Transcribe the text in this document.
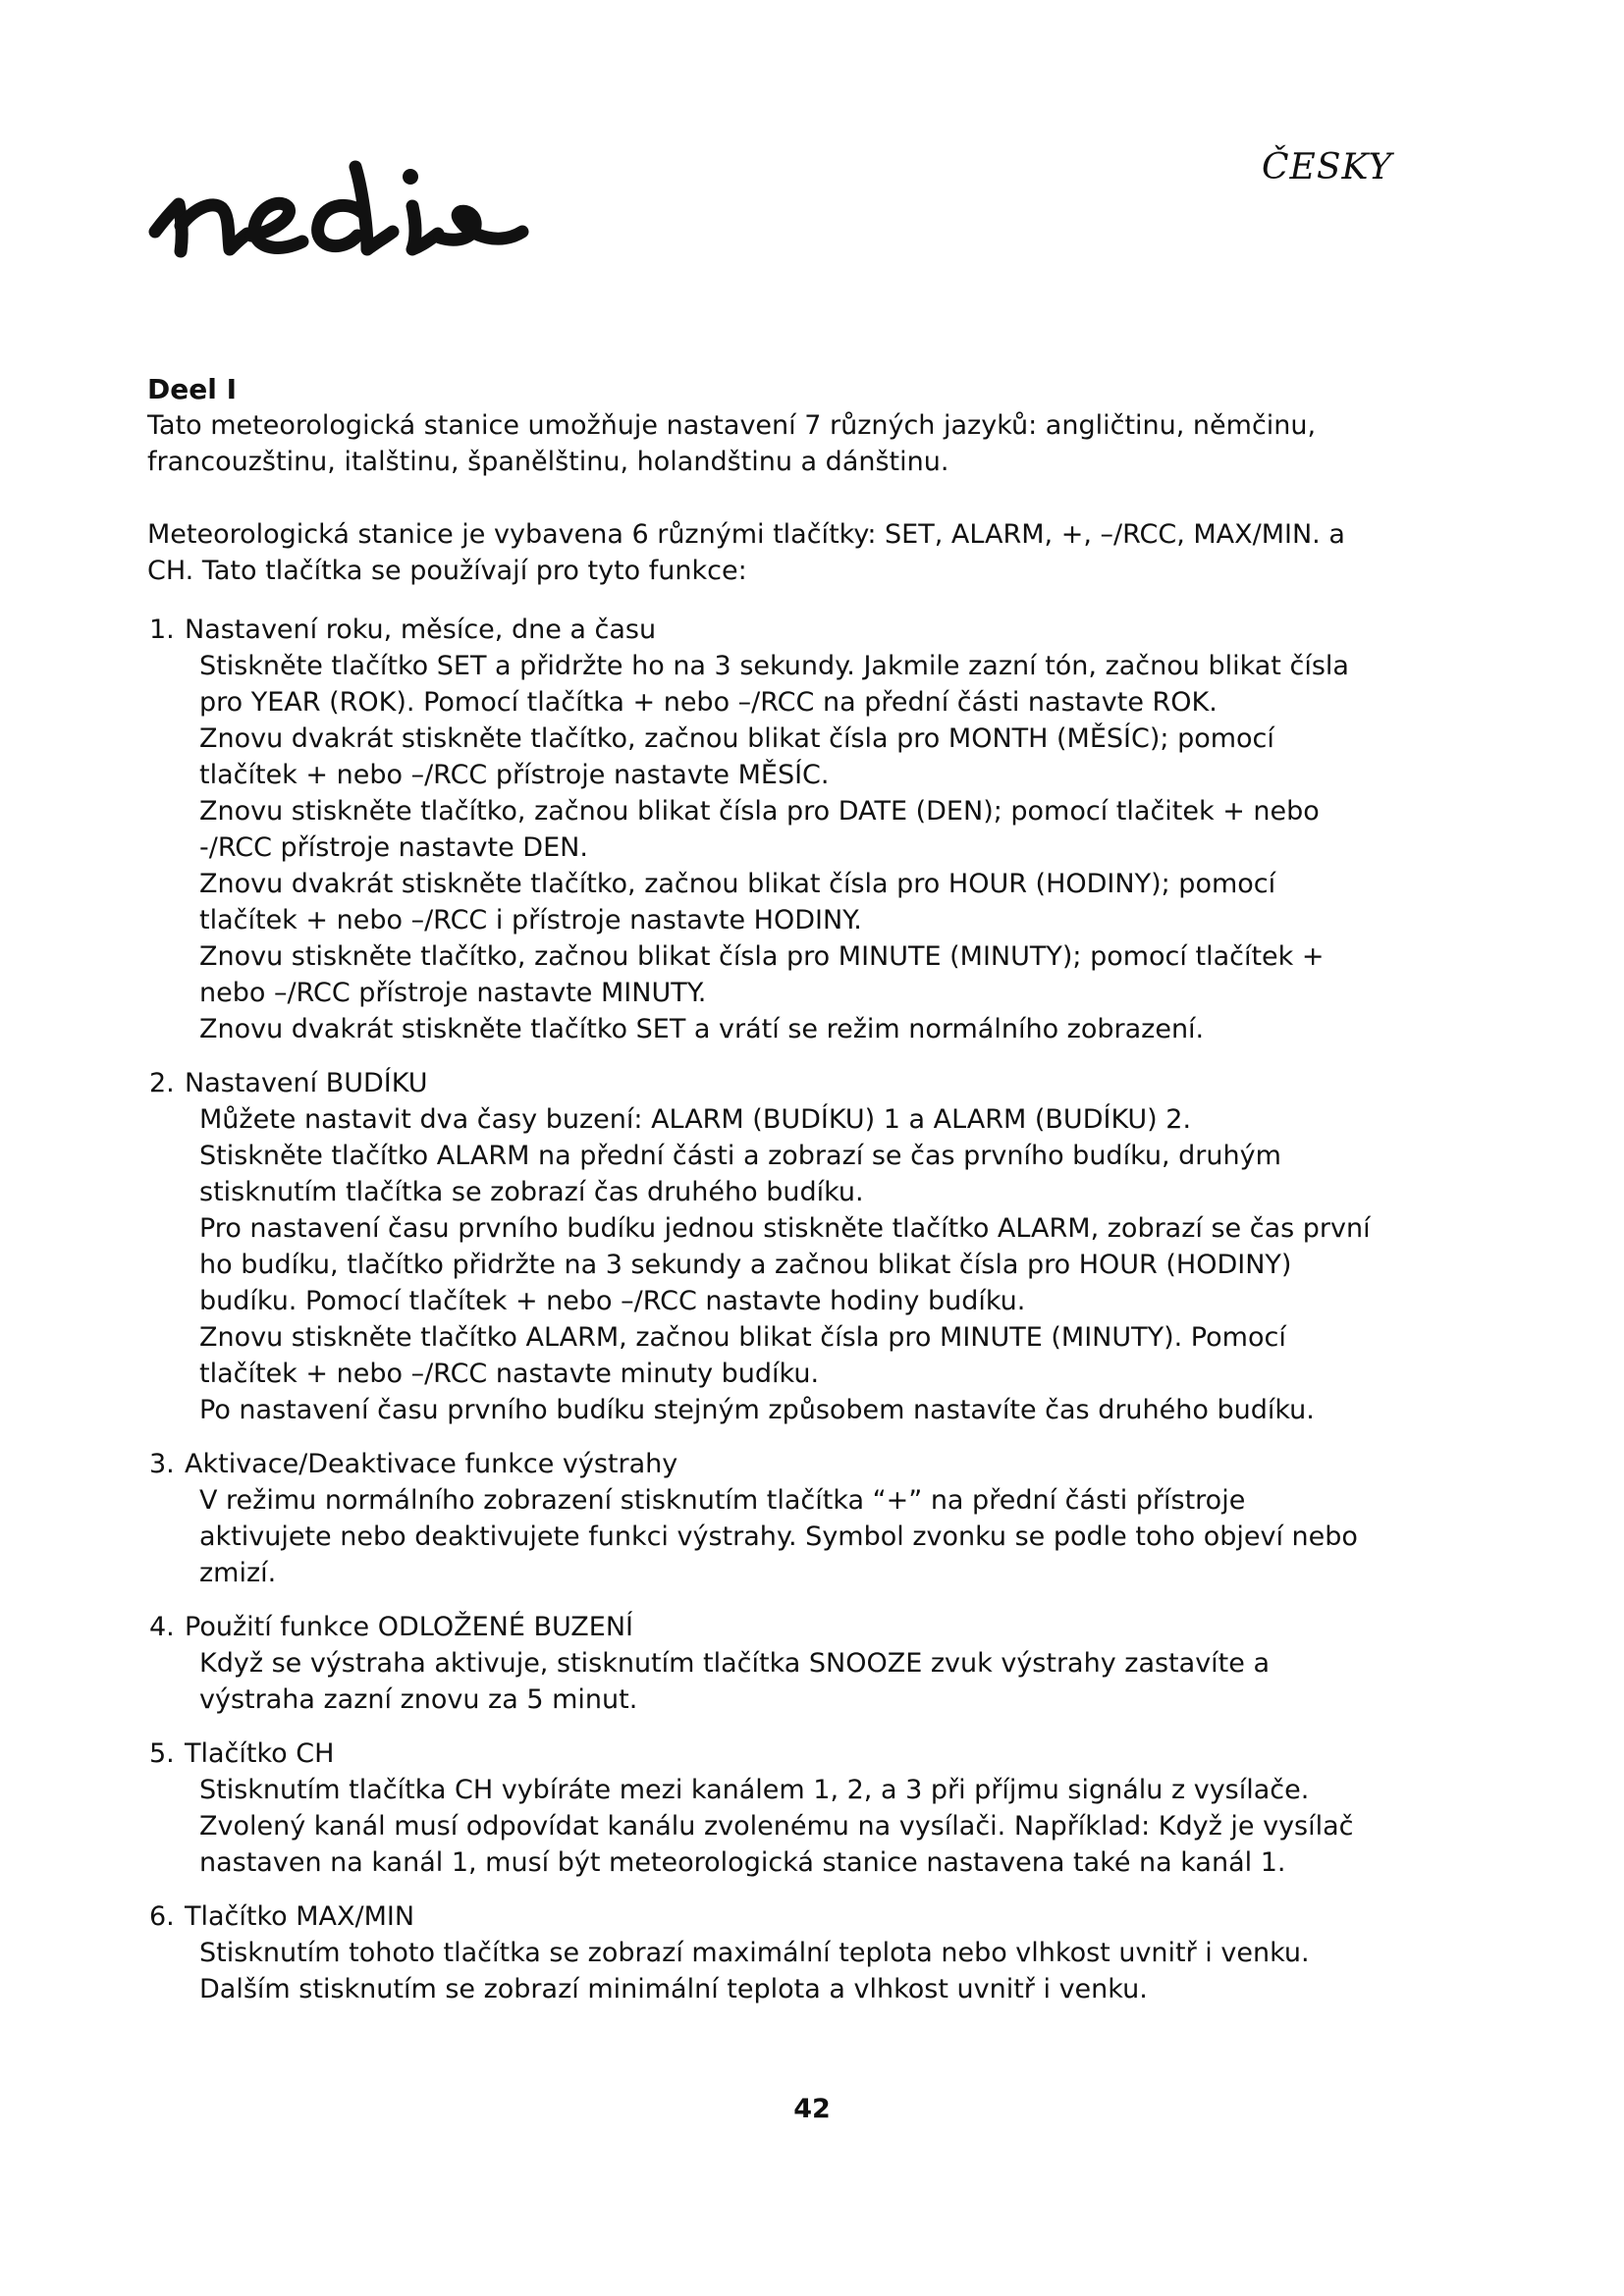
ČESKY
Deel I

Tato meteorologická stanice umožňuje nastavení 7 různých jazyků: angličtinu, němčinu, francouzštinu, italštinu, španělštinu, holandštinu a dánštinu.

Meteorologická stanice je vybavena 6 různými tlačítky: SET, ALARM, +, –/RCC, MAX/MIN. a CH. Tato tlačítka se používají pro tyto funkce:

1. Nastavení roku, měsíce, dne a času

Stiskněte tlačítko SET a přidržte ho na 3 sekundy. Jakmile zazní tón, začnou blikat čísla pro YEAR (ROK). Pomocí tlačítka + nebo –/RCC na přední části nastavte ROK.

Znovu dvakrát stiskněte tlačítko, začnou blikat čísla pro MONTH (MĚSÍC); pomocí tlačítek + nebo –/RCC přístroje nastavte MĚSÍC.

Znovu stiskněte tlačítko, začnou blikat čísla pro DATE (DEN); pomocí tlačitek + nebo -/RCC přístroje nastavte DEN.

Znovu dvakrát stiskněte tlačítko, začnou blikat čísla pro HOUR (HODINY); pomocí tlačítek + nebo –/RCC i přístroje nastavte HODINY.

Znovu stiskněte tlačítko, začnou blikat čísla pro MINUTE (MINUTY); pomocí tlačítek + nebo –/RCC přístroje nastavte MINUTY.

Znovu dvakrát stiskněte tlačítko SET a vrátí se režim normálního zobrazení.

2. Nastavení BUDÍKU

Můžete nastavit dva časy buzení: ALARM (BUDÍKU) 1 a ALARM (BUDÍKU) 2.

Stiskněte tlačítko ALARM na přední části a zobrazí se čas prvního budíku, druhým stisknutím tlačítka se zobrazí čas druhého budíku.

Pro nastavení času prvního budíku jednou stiskněte tlačítko ALARM, zobrazí se čas první ho budíku, tlačítko přidržte na 3 sekundy a začnou blikat čísla pro HOUR (HODINY) budíku. Pomocí tlačítek + nebo –/RCC nastavte hodiny budíku.

Znovu stiskněte tlačítko ALARM, začnou blikat čísla pro MINUTE (MINUTY). Pomocí tlačítek + nebo –/RCC nastavte minuty budíku.

Po nastavení času prvního budíku stejným způsobem nastavíte čas druhého budíku.

3. Aktivace/Deaktivace funkce výstrahy

V režimu normálního zobrazení stisknutím tlačítka “+” na přední části přístroje aktivujete nebo deaktivujete funkci výstrahy. Symbol zvonku se podle toho objeví nebo zmizí.

4. Použití funkce ODLOŽENÉ BUZENÍ

Když se výstraha aktivuje, stisknutím tlačítka SNOOZE zvuk výstrahy zastavíte a výstraha zazní znovu za 5 minut.

5. Tlačítko CH

Stisknutím tlačítka CH vybíráte mezi kanálem 1, 2, a 3 při příjmu signálu z vysílače.

Zvolený kanál musí odpovídat kanálu zvolenému na vysílači. Například: Když je vysílač nastaven na kanál 1, musí být meteorologická stanice nastavena také na kanál 1.

6. Tlačítko MAX/MIN

Stisknutím tohoto tlačítka se zobrazí maximální teplota nebo vlhkost uvnitř i venku.

Dalším stisknutím se zobrazí minimální teplota a vlhkost uvnitř i venku.

42
